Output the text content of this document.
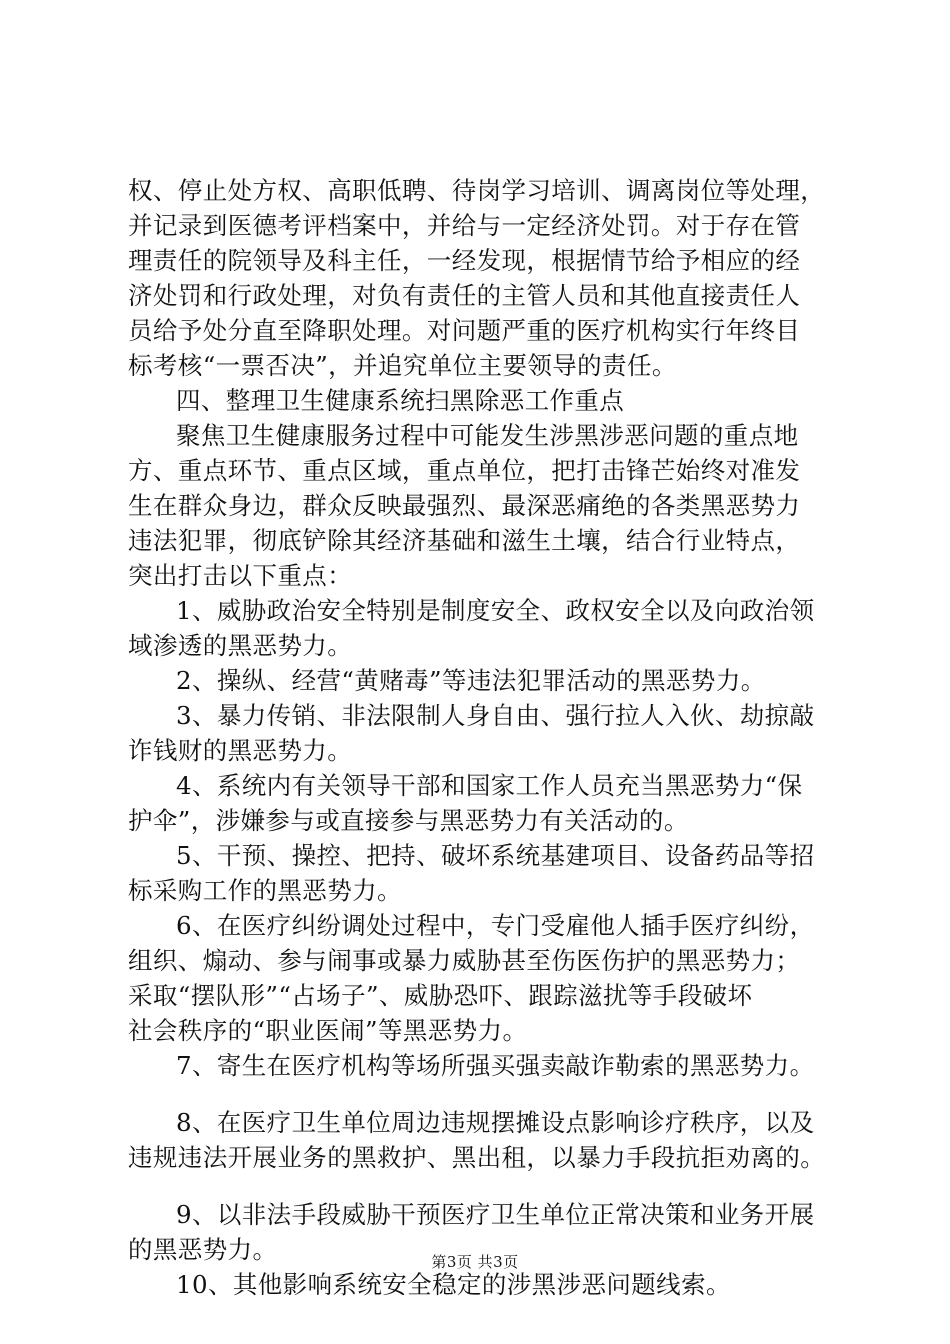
权、停止处方权、高职低聘、待岗学习培训、调离岗位等处理，
并记录到医德考评档案中，并给与一定经济处罚。对于存在管
理责任的院领导及科主任，一经发现，根据情节给予相应的经
济处罚和行政处理，对负有责任的主管人员和其他直接责任人
员给予处分直至降职处理。对问题严重的医疗机构实行年终目
标考核“一票否决”，并追究单位主要领导的责任。
四、整理卫生健康系统扫黑除恶工作重点
聚焦卫生健康服务过程中可能发生涉黑涉恶问题的重点地
方、重点环节、重点区域，重点单位，把打击锋芒始终对准发
生在群众身边，群众反映最强烈、最深恶痛绝的各类黑恶势力
违法犯罪，彻底铲除其经济基础和滋生土壤，结合行业特点，
突出打击以下重点：
1、威胁政治安全特别是制度安全、政权安全以及向政治领
域渗透的黑恶势力。
2、操纵、经营“黄赌毒”等违法犯罪活动的黑恶势力。
3、暴力传销、非法限制人身自由、强行拉人入伙、劫掠敲
诈钱财的黑恶势力。
4、系统内有关领导干部和国家工作人员充当黑恶势力“保
护伞”，涉嫌参与或直接参与黑恶势力有关活动的。
5、干预、操控、把持、破坏系统基建项目、设备药品等招
标采购工作的黑恶势力。
6、在医疗纠纷调处过程中，专门受雇他人插手医疗纠纷，
组织、煽动、参与闹事或暴力威胁甚至伤医伤护的黑恶势力；
采取“摆队形”“占场子”、威胁恐吓、跟踪滋扰等手段破坏
社会秩序的“职业医闹”等黑恶势力。
7、寄生在医疗机构等场所强买强卖敲诈勒索的黑恶势力。
8、在医疗卫生单位周边违规摆摊设点影响诊疗秩序，以及
违规违法开展业务的黑救护、黑出租，以暴力手段抗拒劝离的。
9、以非法手段威胁干预医疗卫生单位正常决策和业务开展
的黑恶势力。
10、其他影响系统安全稳定的涉黑涉恶问题线索。
第3页 共3页
